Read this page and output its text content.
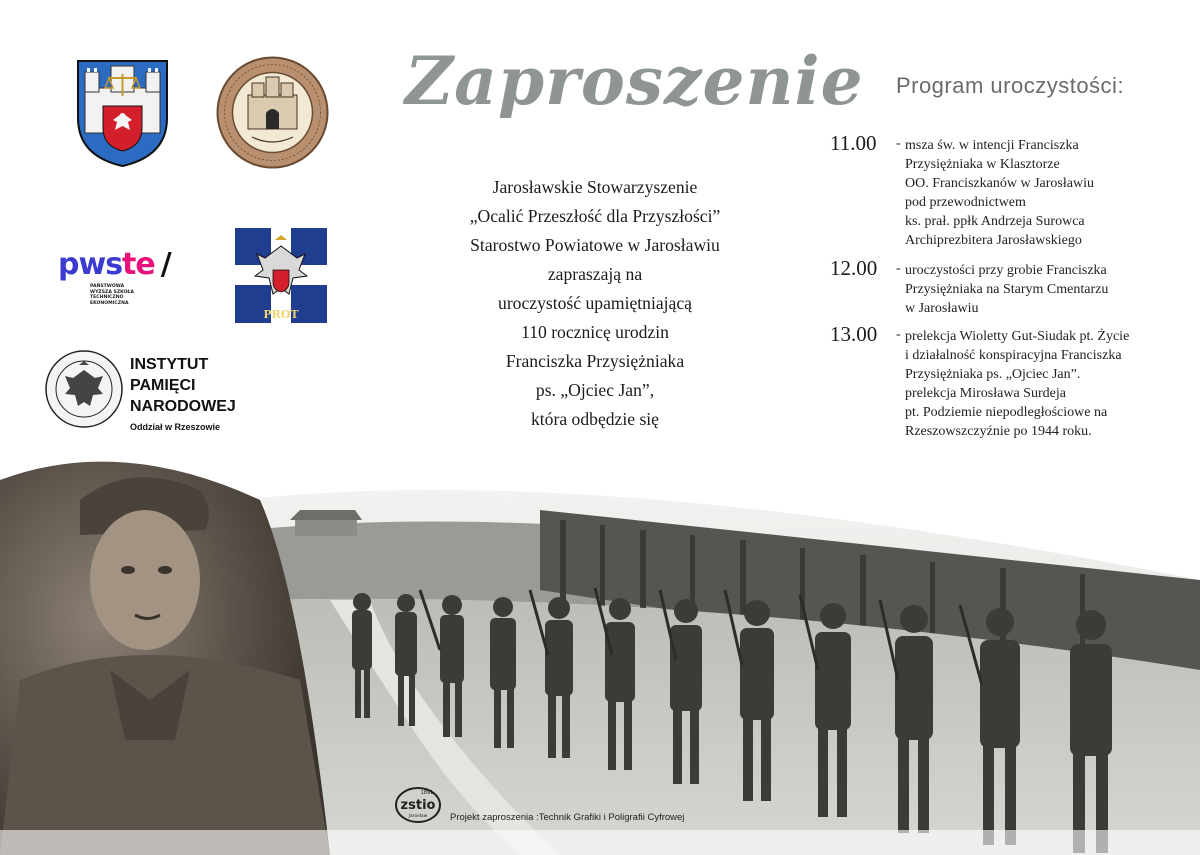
Zaproszenie
pwste /
PAŃSTWOWA
WYŻSZA SZKOŁA
TECHNICZNO
EKONOMICZNA
PROT
INSTYTUT
PAMIĘCI
NARODOWEJ
Oddział w Rzeszowie
Jarosławskie Stowarzyszenie
„Ocalić Przeszłość dla Przyszłości”
Starostwo Powiatowe w Jarosławiu
zapraszają na
uroczystość upamiętniającą
110 rocznicę urodzin
Franciszka Przysiężniaka
ps. „Ojciec Jan”,
która odbędzie się
Program uroczystości:
11.00 - msza św. w intencji Franciszka
Przysiężniaka w Klasztorze
OO. Franciszkanów w Jarosławiu
pod przewodnictwem
ks. prał. ppłk Andrzeja Surowca
Archiprezbitera Jarosławskiego
12.00 - uroczystości przy grobie Franciszka
Przysiężniaka na Starym Cmentarzu
w Jarosławiu
13.00 - prelekcja Wioletty Gut-Siudak pt. Życie
i działalność konspiracyjna Franciszka
Przysiężniaka ps. „Ojciec Jan”.
prelekcja Mirosława Surdeja
pt. Podziemie niepodległościowe na
Rzeszowszczyźnie po 1944 roku.
zstio
1891
Jarosław Projekt zaproszenia :Technik Grafiki i Poligrafii Cyfrowej
